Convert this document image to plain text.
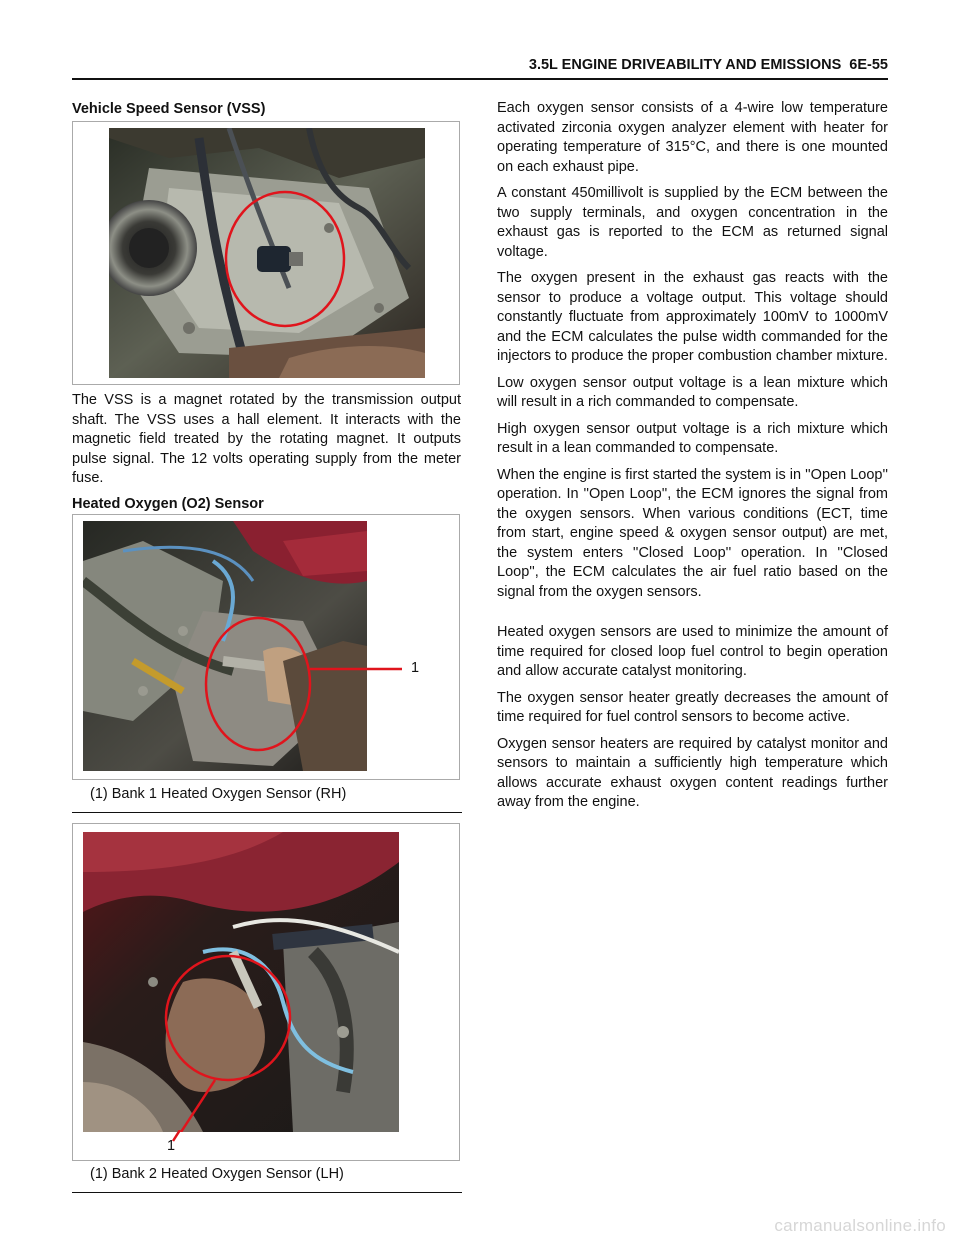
3.5L ENGINE DRIVEABILITY AND EMISSIONS  6E-55
Vehicle Speed Sensor (VSS)

The VSS is a magnet rotated by the transmission output shaft. The VSS uses a hall element. It interacts with the magnetic field treated by the rotating magnet. It outputs pulse signal. The 12 volts operating supply from the meter fuse.

Heated Oxygen (O2) Sensor
1
(1) Bank 1 Heated Oxygen Sensor (RH)
1
(1) Bank 2 Heated Oxygen Sensor (LH)

Each oxygen sensor consists of a 4-wire low temperature activated zirconia oxygen analyzer element with heater for operating temperature of 315°C, and there is one mounted on each exhaust pipe.

A constant 450millivolt is supplied by the ECM between the two supply terminals, and oxygen concentration in the exhaust gas is reported to the ECM as returned signal voltage.

The oxygen present in the exhaust gas reacts with the sensor to produce a voltage output. This voltage should constantly fluctuate from approximately 100mV to 1000mV and the ECM calculates the pulse width commanded for the injectors to produce the proper combustion chamber mixture.

Low oxygen sensor output voltage is a lean mixture which will result in a rich commanded to compensate.

High oxygen sensor output voltage is a rich mixture which result in a lean commanded to compensate.

When the engine is first started the system is in ''Open Loop'' operation. In ''Open Loop'', the ECM ignores the signal from the oxygen sensors. When various conditions (ECT, time from start, engine speed & oxygen sensor output) are met, the system enters ''Closed Loop'' operation. In ''Closed Loop'', the ECM calculates the air fuel ratio based on the signal from the oxygen sensors.

Heated oxygen sensors are used to minimize the amount of time required for closed loop fuel control to begin operation and allow accurate catalyst monitoring.

The oxygen sensor heater greatly decreases the amount of time required for fuel control sensors to become active.

Oxygen sensor heaters are required by catalyst monitor and sensors to maintain a sufficiently high temperature which allows accurate exhaust oxygen content readings further away from the engine.

carmanualsonline.info
